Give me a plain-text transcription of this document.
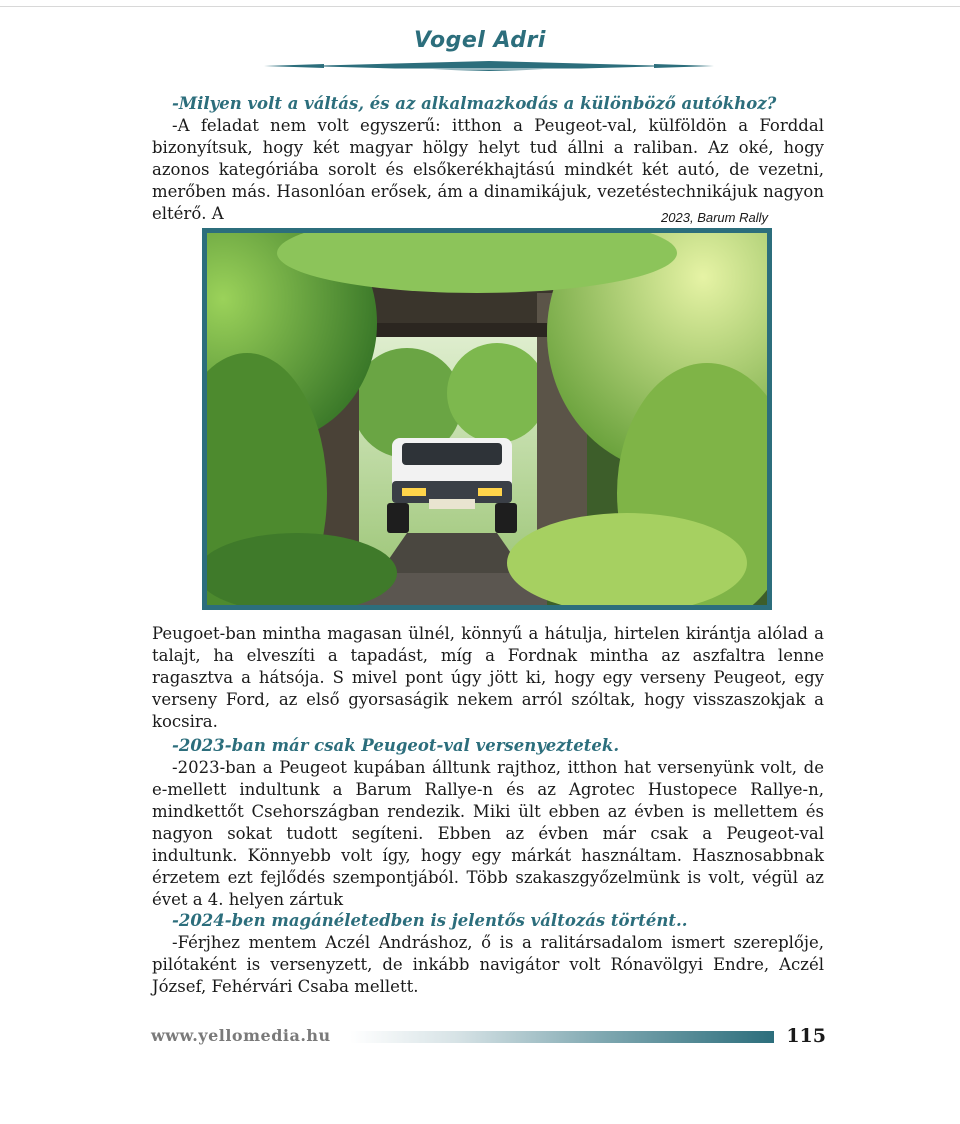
Vogel Adri
-Milyen volt a váltás, és az alkalmazkodás a különböző autókhoz?

-A feladat nem volt egyszerű: itthon a Peugeot-val, külföldön a Forddal bizonyítsuk, hogy két magyar hölgy helyt tud állni a raliban. Az oké, hogy azonos kategóriába sorolt és elsőkerékhajtású mindkét két autó, de vezetni, merőben más. Hasonlóan erősek, ám a dinamikájuk, vezetéstechnikájuk nagyon eltérő. A	2023, Barum Rally

Peugoet-ban mintha magasan ülnél, könnyű a hátulja, hirtelen kirántja alólad a talajt, ha elveszíti a tapadást, míg a Fordnak mintha az aszfaltra lenne ragasztva a hátsója. S mivel pont úgy jött ki, hogy egy verseny Peugeot, egy verseny Ford, az első gyorsaságik nekem arról szóltak, hogy visszaszokjak a kocsira.

-2023-ban már csak Peugeot-val versenyeztetek.

-2023-ban a Peugeot kupában álltunk rajthoz, itthon hat versenyünk volt, de e-mellett indultunk a Barum Rallye-n és az Agrotec Hustopece Rallye-n, mindkettőt Csehországban rendezik. Miki ült ebben az évben is mellettem és nagyon sokat tudott segíteni. Ebben az évben már csak a Peugeot-val indultunk. Könnyebb volt így, hogy egy márkát használtam. Hasznosabbnak érzetem ezt fejlődés szempontjából. Több szakaszgyőzelmünk is volt, végül az évet a 4. helyen zártuk

-2024-ben magánéletedben is jelentős változás történt..

-Férjhez mentem Aczél Andráshoz, ő is a ralitársadalom ismert szereplője, pilótaként is versenyzett, de inkább navigátor volt Rónavölgyi Endre, Aczél József, Fehérvári Csaba mellett.

www.yellomedia.hu	115
